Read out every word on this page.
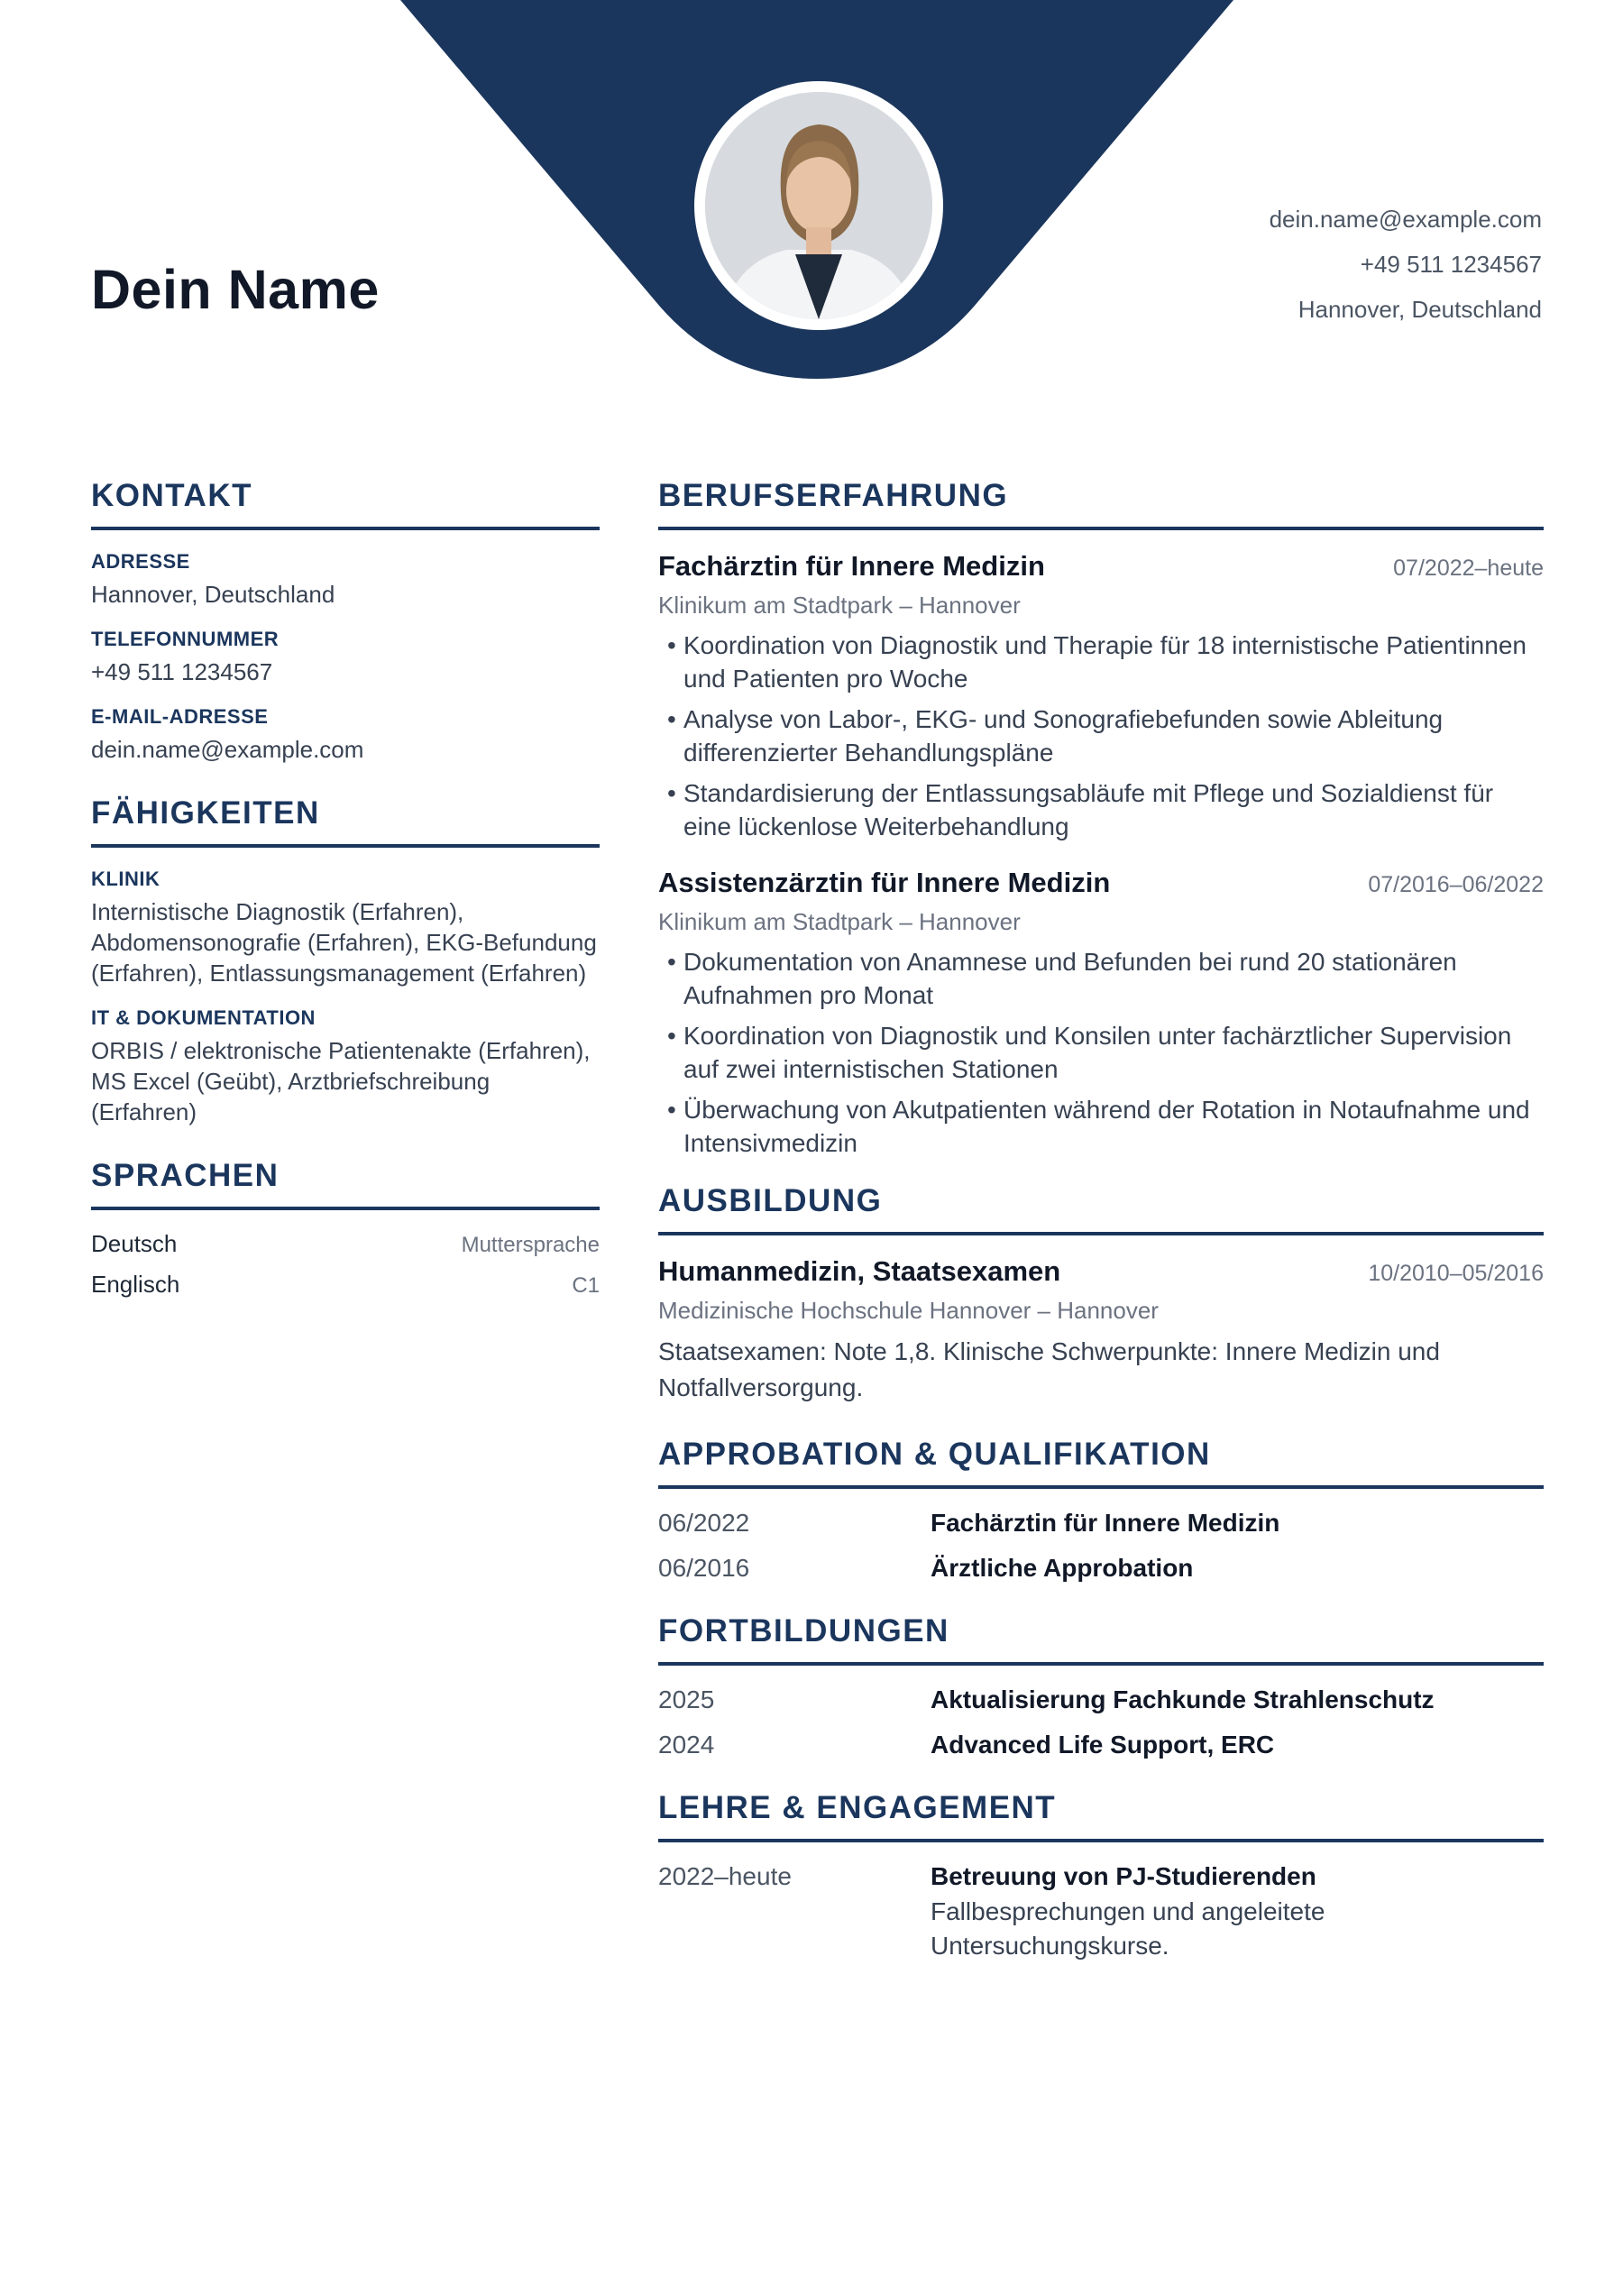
Dein Name
dein.name@example.com
+49 511 1234567
Hannover, Deutschland
KONTAKT
ADRESSE
Hannover, Deutschland
TELEFONNUMMER
+49 511 1234567
E-MAIL-ADRESSE
dein.name@example.com
FÄHIGKEITEN
KLINIK
Internistische Diagnostik (Erfahren), Abdomensonografie (Erfahren), EKG-Befundung (Erfahren), Entlassungsmanagement (Erfahren)
IT & DOKUMENTATION
ORBIS / elektronische Patientenakte (Erfahren), MS Excel (Geübt), Arztbriefschreibung (Erfahren)
SPRACHEN
Deutsch	Muttersprache
Englisch	C1
BERUFSERFAHRUNG
Fachärztin für Innere Medizin	07/2022–heute
Klinikum am Stadtpark – Hannover
• Koordination von Diagnostik und Therapie für 18 internistische Patientinnen und Patienten pro Woche
• Analyse von Labor-, EKG- und Sonografiebefunden sowie Ableitung differenzierter Behandlungspläne
• Standardisierung der Entlassungsabläufe mit Pflege und Sozialdienst für eine lückenlose Weiterbehandlung
Assistenzärztin für Innere Medizin	07/2016–06/2022
Klinikum am Stadtpark – Hannover
• Dokumentation von Anamnese und Befunden bei rund 20 stationären Aufnahmen pro Monat
• Koordination von Diagnostik und Konsilen unter fachärztlicher Supervision auf zwei internistischen Stationen
• Überwachung von Akutpatienten während der Rotation in Notaufnahme und Intensivmedizin
AUSBILDUNG
Humanmedizin, Staatsexamen	10/2010–05/2016
Medizinische Hochschule Hannover – Hannover
Staatsexamen: Note 1,8. Klinische Schwerpunkte: Innere Medizin und Notfallversorgung.
APPROBATION & QUALIFIKATION
06/2022	Fachärztin für Innere Medizin
06/2016	Ärztliche Approbation
FORTBILDUNGEN
2025	Aktualisierung Fachkunde Strahlenschutz
2024	Advanced Life Support, ERC
LEHRE & ENGAGEMENT
2022–heute	Betreuung von PJ-Studierenden
Fallbesprechungen und angeleitete Untersuchungskurse.
